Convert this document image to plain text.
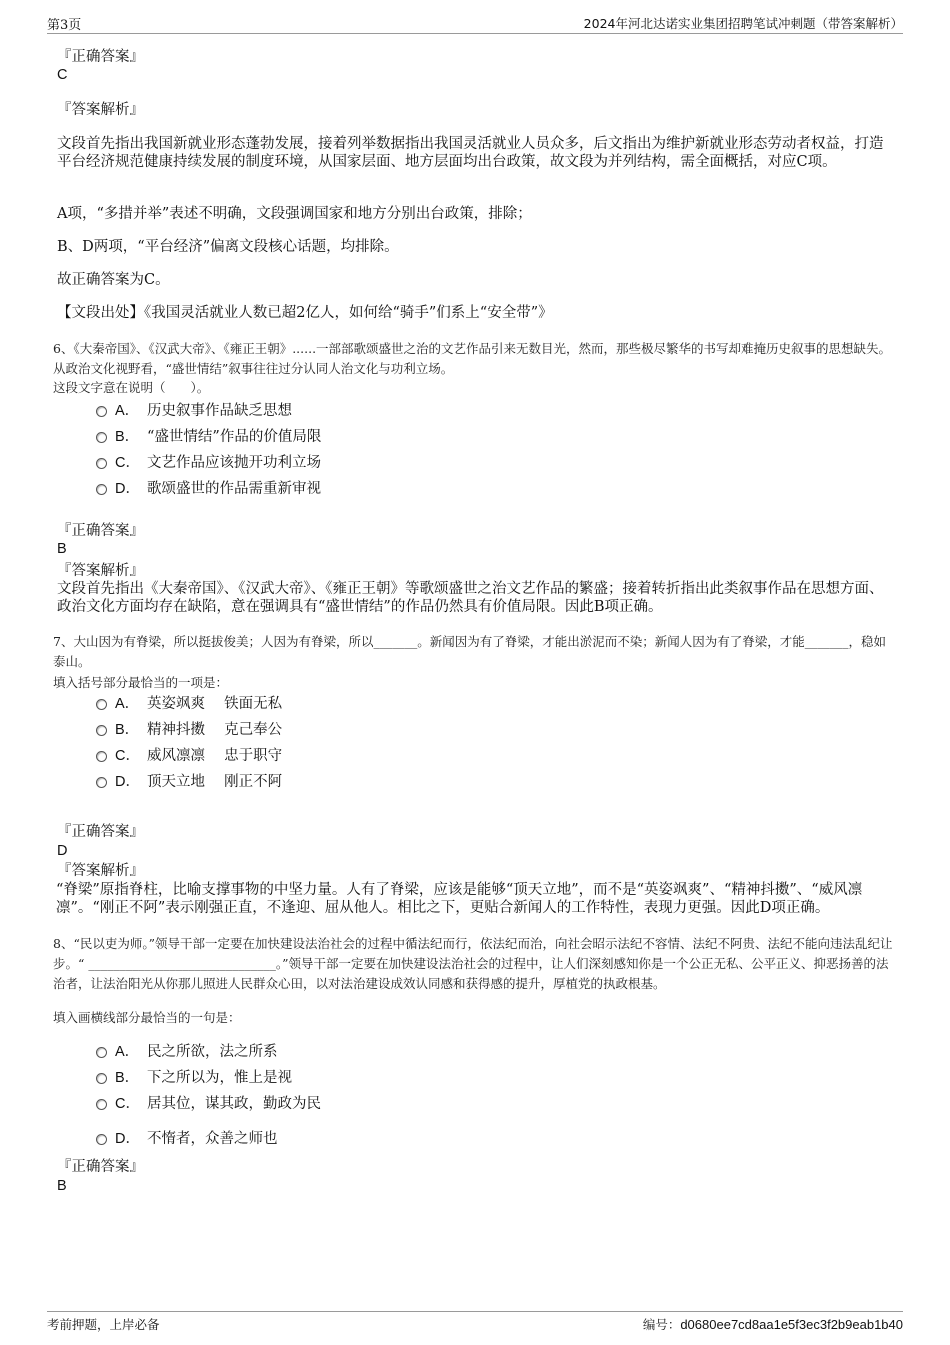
第3页	2024年河北达诺实业集团招聘笔试冲刺题（带答案解析）
『正确答案』
C
『答案解析』
文段首先指出我国新就业形态蓬勃发展，接着列举数据指出我国灵活就业人员众多，后文指出为维护新就业形态劳动者权益，打造平台经济规范健康持续发展的制度环境，从国家层面、地方层面均出台政策，故文段为并列结构，需全面概括，对应C项。
A项，“多措并举”表述不明确，文段强调国家和地方分别出台政策，排除；
B、D两项，“平台经济”偏离文段核心话题，均排除。
故正确答案为C。
【文段出处】《我国灵活就业人数已超2亿人，如何给“骑手”们系上“安全带”》
6、《大秦帝国》、《汉武大帝》、《雍正王朝》......一部部歌颂盛世之治的文艺作品引来无数目光，然而，那些极尽繁华的书写却难掩历史叙事的思想缺失。从政治文化视野看，“盛世情结”叙事往往过分认同人治文化与功利立场。
这段文字意在说明（　　）。
A． 历史叙事作品缺乏思想
B． “盛世情结”作品的价值局限
C． 文艺作品应该抛开功利立场
D． 歌颂盛世的作品需重新审视
『正确答案』
B
『答案解析』
文段首先指出《大秦帝国》、《汉武大帝》、《雍正王朝》等歌颂盛世之治文艺作品的繁盛；接着转折指出此类叙事作品在思想方面、政治文化方面均存在缺陷，意在强调具有“盛世情结”的作品仍然具有价值局限。因此B项正确。
7、大山因为有脊梁，所以挺拔俊美；人因为有脊梁，所以_______。新闻因为有了脊梁，才能出淤泥而不染；新闻人因为有了脊梁，才能_______，稳如泰山。
填入括号部分最恰当的一项是：
A． 英姿飒爽　 铁面无私
B． 精神抖擞　 克己奉公
C． 威风凛凛　 忠于职守
D． 顶天立地　 刚正不阿
『正确答案』
D
『答案解析』
“脊梁”原指脊柱，比喻支撑事物的中坚力量。人有了脊梁，应该是能够“顶天立地”，而不是“英姿飒爽”、“精神抖擞”、“威风凛凛”。“刚正不阿”表示刚强正直，不逢迎、屈从他人。相比之下，更贴合新闻人的工作特性，表现力更强。因此D项正确。
8、“民以吏为师。”领导干部一定要在加快建设法治社会的过程中循法纪而行，依法纪而治，向社会昭示法纪不容情、法纪不阿贵、法纪不能向违法乱纪让步。“ ______________________________。”领导干部一定要在加快建设法治社会的过程中，让人们深刻感知你是一个公正无私、公平正义、抑恶扬善的法治者，让法治阳光从你那儿照进人民群众心田，以对法治建设成效认同感和获得感的提升，厚植党的执政根基。
填入画横线部分最恰当的一句是：
A． 民之所欲，法之所系
B． 下之所以为，惟上是视
C． 居其位，谋其政，勤政为民
D． 不惰者，众善之师也
『正确答案』
B
考前押题，上岸必备	编号：d0680ee7cd8aa1e5f3ec3f2b9eab1b40
